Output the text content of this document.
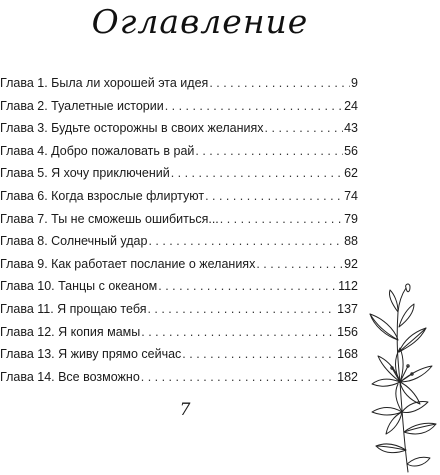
Оглавление
Глава 1. Была ли хорошей эта идея . . .	9
Глава 2. Туалетные истории . . .	24
Глава 3. Будьте осторожны в своих желаниях . . .	43
Глава 4. Добро пожаловать в рай . . .	56
Глава 5. Я хочу приключений . . .	62
Глава 6. Когда взрослые флиртуют . . .	74
Глава 7. Ты не сможешь ошибиться... . . .	79
Глава 8. Солнечный удар . . .	88
Глава 9. Как работает послание о желаниях . . .	92
Глава 10. Танцы с океаном . . .	112
Глава 11. Я прощаю тебя . . .	137
Глава 12. Я копия мамы . . .	156
Глава 13. Я живу прямо сейчас . . .	168
Глава 14. Все возможно . . .	182
7
